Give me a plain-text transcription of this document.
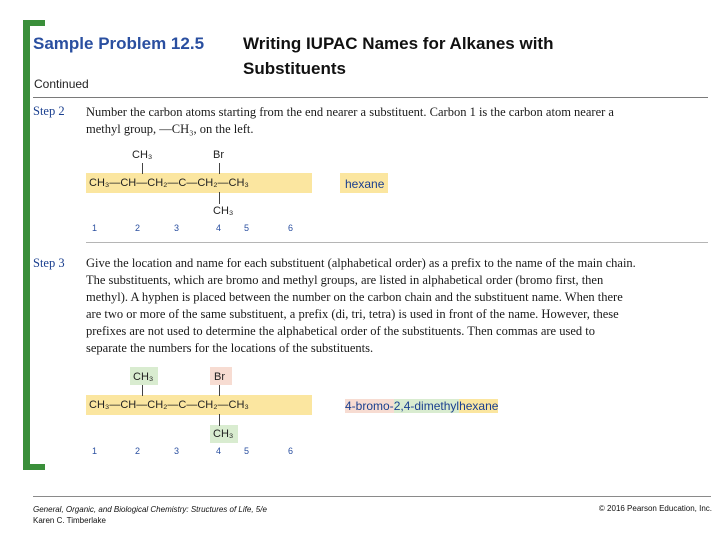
Sample Problem 12.5 Writing IUPAC Names for Alkanes with
Substituents
Continued
Step 2 Number the carbon atoms starting from the end nearer a substituent. Carbon 1 is the carbon atom nearer a
methyl group, —CH₃, on the left.
CH₃	Br
CH₃—CH—CH₂—C—CH₂—CH₃
CH₃
hexane
1	2	3	4	5	6
Step 3 Give the location and name for each substituent (alphabetical order) as a prefix to the name of the main chain.
The substituents, which are bromo and methyl groups, are listed in alphabetical order (bromo first, then
methyl). A hyphen is placed between the number on the carbon chain and the substituent name. When there
are two or more of the same substituent, a prefix (di, tri, tetra) is used in front of the name. However, these
prefixes are not used to determine the alphabetical order of the substituents. Then commas are used to
separate the numbers for the locations of the substituents.
CH₃	Br
CH₃—CH—CH₂—C—CH₂—CH₃
CH₃
4-bromo-2,4-dimethylhexane
1	2	3	4	5	6
General, Organic, and Biological Chemistry: Structures of Life, 5/e
Karen C. Timberlake
© 2016 Pearson Education, Inc.
